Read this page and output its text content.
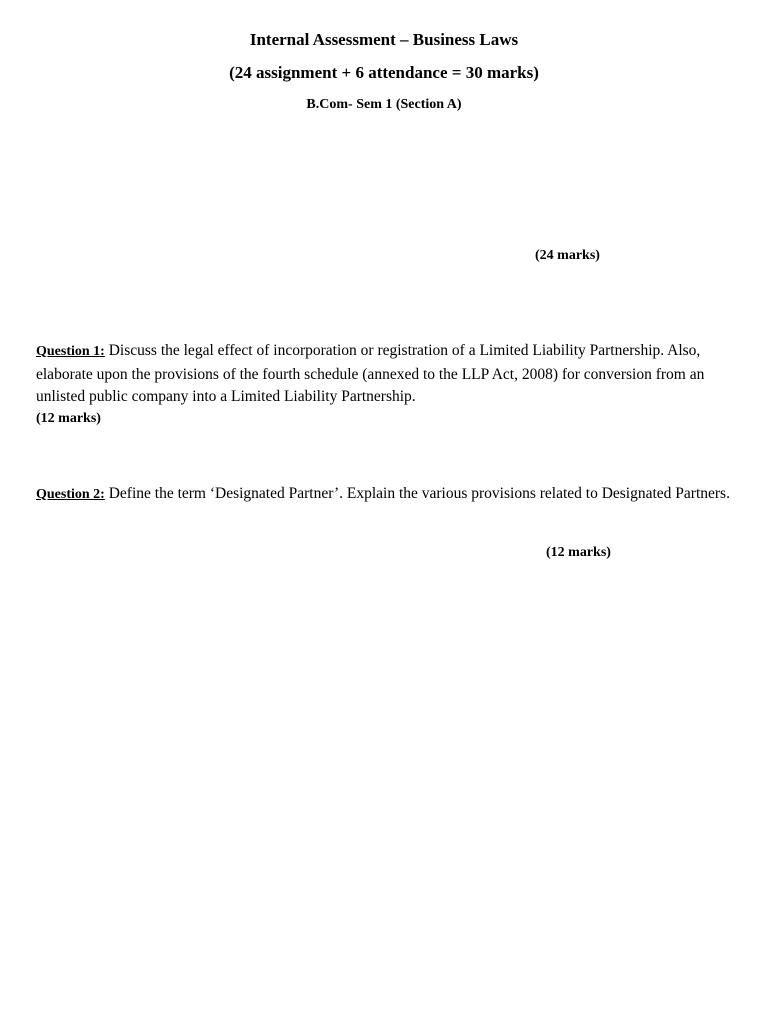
Internal Assessment – Business Laws
(24 assignment + 6 attendance = 30 marks)
B.Com- Sem 1 (Section A)
(24 marks)
Question 1: Discuss the legal effect of incorporation or registration of a Limited Liability Partnership. Also, elaborate upon the provisions of the fourth schedule (annexed to the LLP Act, 2008) for conversion from an unlisted public company into a Limited Liability Partnership.
(12 marks)
Question 2: Define the term ‘Designated Partner’. Explain the various provisions related to Designated Partners.
(12 marks)
